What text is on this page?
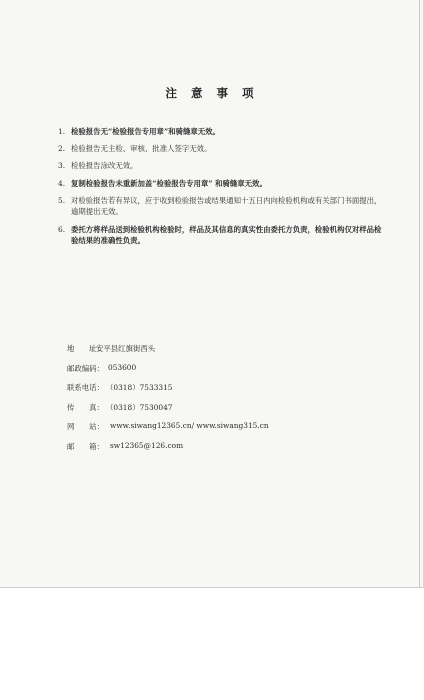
注 意 事 项
1. 检验报告无“检验报告专用章”和骑缝章无效。
2. 检验报告无主检、审核、批准人签字无效。
3. 检验报告涂改无效。
4. 复制检验报告未重新加盖“检验报告专用章” 和骑缝章无效。
5. 对检验报告若有异议，应于收到检验报告或结果通知十五日内向检验机构或有关部门书面提出，逾期提出无效。
6. 委托方将样品送到检验机构检验时，样品及其信息的真实性由委托方负责，检验机构仅对样品检验结果的准确性负责。
地　　址：
安平县红旗街西头
邮政编码： 053600
联系电话： （0318）7533315
传　　真： （0318）7530047
网　　站： www.siwang12365.cn/ www.siwang315.cn
邮　　箱： sw12365@126.com
